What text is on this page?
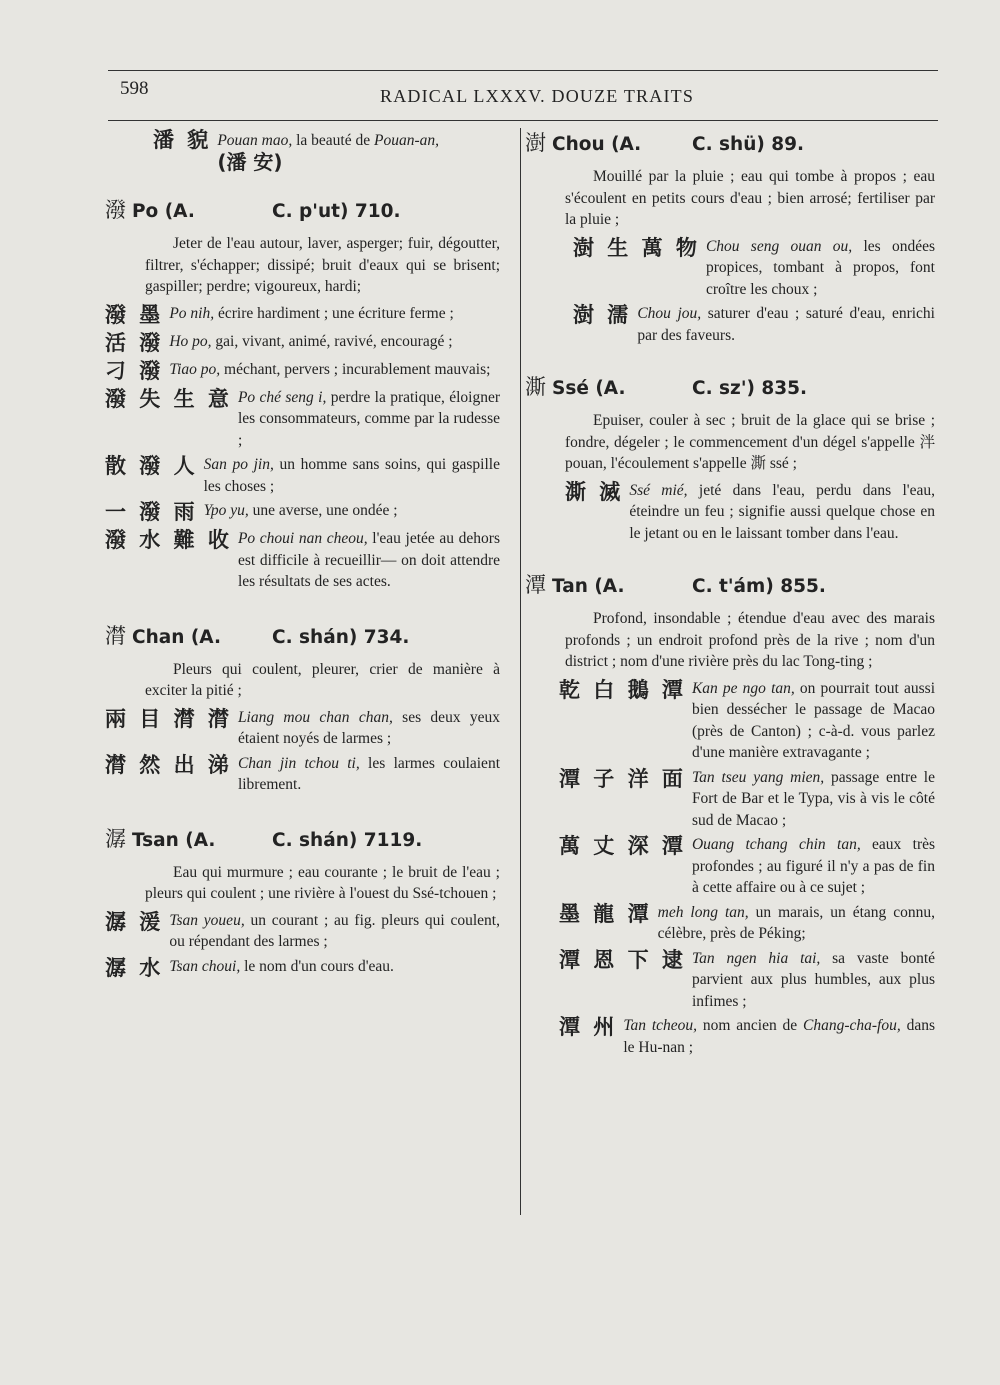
598	RADICAL LXXXV. DOUZE TRAITS
潘 貌 Pouan mao, la beauté de Pouan-an,
(潘 安)
潑 Po (A.	C. p'ut) 710.
Jeter de l'eau autour, laver, asperger; fuir, dégoutter, filtrer, s'échapper; dissipé; bruit d'eaux qui se brisent; gaspiller; perdre; vigoureux, hardi;
潑 墨 Po nih, écrire hardiment ; une écriture ferme ;
活 潑 Ho po, gai, vivant, animé, ravivé, encouragé ;
刁 潑 Tiao po, méchant, pervers ; incurablement mauvais;
潑 失 生 意 Po ché seng i, perdre la pratique, éloigner les consommateurs, comme par la rudesse ;
散 潑 人 San po jin, un homme sans soins, qui gaspille les choses ;
一 潑 雨 Ypo yu, une averse, une ondée ;
潑 水 難 收 Po choui nan cheou, l'eau jetée au dehors est difficile à recueillir— on doit attendre les résultats de ses actes.
潸 Chan (A.	C. shán) 734.
Pleurs qui coulent, pleurer, crier de manière à exciter la pitié ;
兩 目 潸 潸 Liang mou chan chan, ses deux yeux étaient noyés de larmes ;
潸 然 出 涕 Chan jin tchou ti, les larmes coulaient librement.
潺 Tsan (A.	C. shán) 7119.
Eau qui murmure ; eau courante ; le bruit de l'eau ; pleurs qui coulent ; une rivière à l'ouest du Ssé-tchouen ;
潺 湲 Tsan youeu, un courant ; au fig. pleurs qui coulent, ou répendant des larmes ;
潺 水 Tsan choui, le nom d'un cours d'eau.
澍 Chou (A.	C. shü) 89.
Mouillé par la pluie ; eau qui tombe à propos ; eau s'écoulent en petits cours d'eau ; bien arrosé; fertiliser par la pluie ;
澍 生 萬 物 Chou seng ouan ou, les ondées propices, tombant à propos, font croître les choux ;
澍 濡 Chou jou, saturer d'eau ; saturé d'eau, enrichi par des faveurs.
澌 Ssé (A.	C. sz') 835.
Epuiser, couler à sec ; bruit de la glace qui se brise ; fondre, dégeler ; le commencement d'un dégel s'appelle 泮 pouan, l'écoulement s'appelle 澌 ssé ;
澌 滅 Ssé mié, jeté dans l'eau, perdu dans l'eau, éteindre un feu ; signifie aussi quelque chose en le jetant ou en le laissant tomber dans l'eau.
潭 Tan (A.	C. t'ám) 855.
Profond, insondable ; étendue d'eau avec des marais profonds ; un endroit profond près de la rive ; nom d'un district ; nom d'une rivière près du lac Tong-ting ;
乾 白 鵝 潭 Kan pe ngo tan, on pourrait tout aussi bien dessécher le passage de Macao (près de Canton) ; c-à-d. vous parlez d'une manière extravagante ;
潭 子 洋 面 Tan tseu yang mien, passage entre le Fort de Bar et le Typa, vis à vis le côté sud de Macao ;
萬 丈 深 潭 Ouang tchang chin tan, eaux très profondes ; au figuré il n'y a pas de fin à cette affaire ou à ce sujet ;
墨 龍 潭 meh long tan, un marais, un étang connu, célèbre, près de Péking;
潭 恩 下 逮 Tan ngen hia tai, sa vaste bonté parvient aux plus humbles, aux plus infimes ;
潭 州 Tan tcheou, nom ancien de Chang-cha-fou, dans le Hu-nan ;
